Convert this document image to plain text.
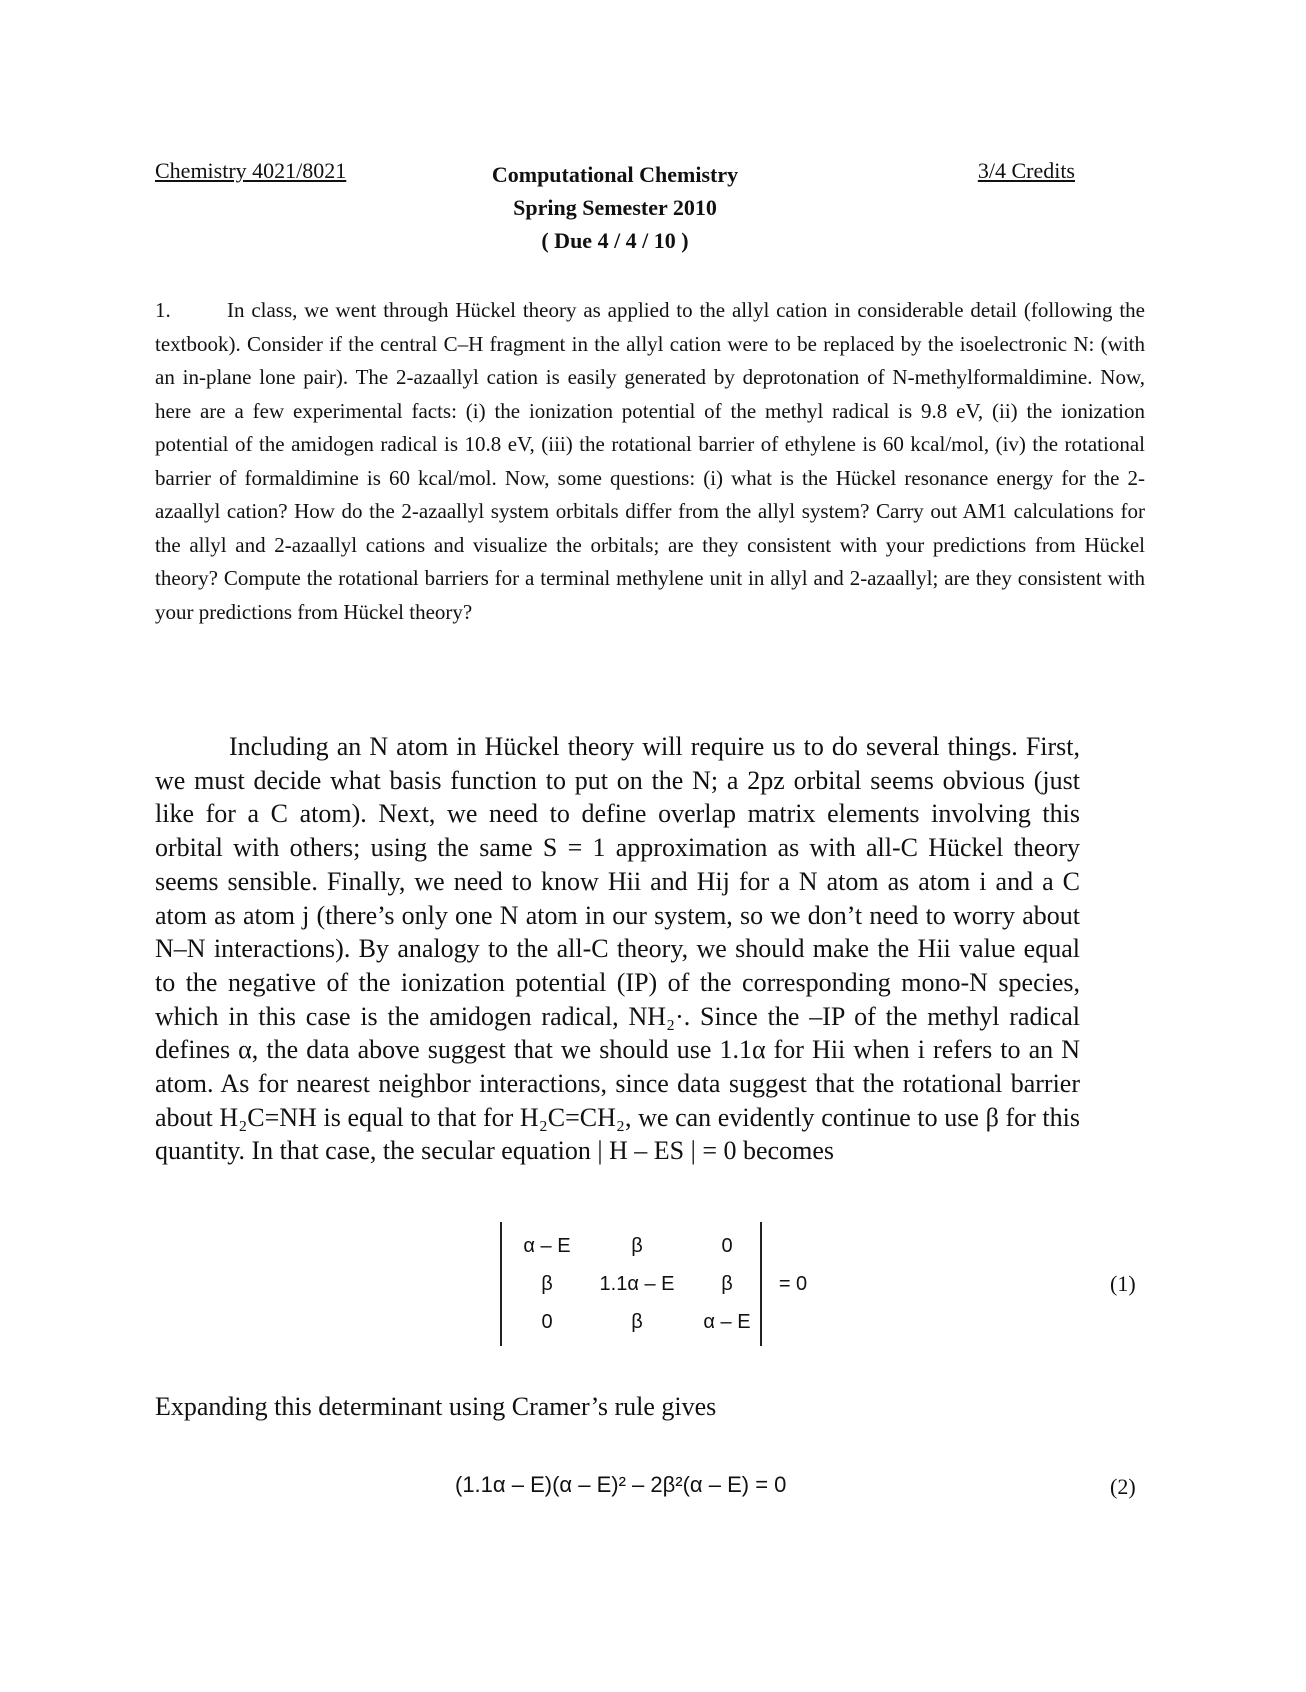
Chemistry 4021/8021	Computational Chemistry
Spring Semester 2010
( Due 4 / 4 / 10 )
3/4 Credits
1.	In class, we went through Hückel theory as applied to the allyl cation in considerable detail (following the textbook). Consider if the central C–H fragment in the allyl cation were to be replaced by the isoelectronic N: (with an in-plane lone pair). The 2-azaallyl cation is easily generated by deprotonation of N-methylformaldimine. Now, here are a few experimental facts: (i) the ionization potential of the methyl radical is 9.8 eV, (ii) the ionization potential of the amidogen radical is 10.8 eV, (iii) the rotational barrier of ethylene is 60 kcal/mol, (iv) the rotational barrier of formaldimine is 60 kcal/mol. Now, some questions: (i) what is the Hückel resonance energy for the 2-azaallyl cation? How do the 2-azaallyl system orbitals differ from the allyl system? Carry out AM1 calculations for the allyl and 2-azaallyl cations and visualize the orbitals; are they consistent with your predictions from Hückel theory? Compute the rotational barriers for a terminal methylene unit in allyl and 2-azaallyl; are they consistent with your predictions from Hückel theory?

Including an N atom in Hückel theory will require us to do several things. First, we must decide what basis function to put on the N; a 2pz orbital seems obvious (just like for a C atom). Next, we need to define overlap matrix elements involving this orbital with others; using the same S = 1 approximation as with all-C Hückel theory seems sensible. Finally, we need to know Hii and Hij for a N atom as atom i and a C atom as atom j (there’s only one N atom in our system, so we don’t need to worry about N–N interactions). By analogy to the all-C theory, we should make the Hii value equal to the negative of the ionization potential (IP) of the corresponding mono-N species, which in this case is the amidogen radical, NH₂·. Since the –IP of the methyl radical defines α, the data above suggest that we should use 1.1α for Hii when i refers to an N atom. As for nearest neighbor interactions, since data suggest that the rotational barrier about H₂C=NH is equal to that for H₂C=CH₂, we can evidently continue to use β for this quantity. In that case, the secular equation | H – ES | = 0 becomes

α – E	β	0
β	1.1α – E	β
0	β	α – E
= 0	(1)
Expanding this determinant using Cramer’s rule gives
(1.1α – E)(α – E)² – 2β²(α – E) = 0	(2)
